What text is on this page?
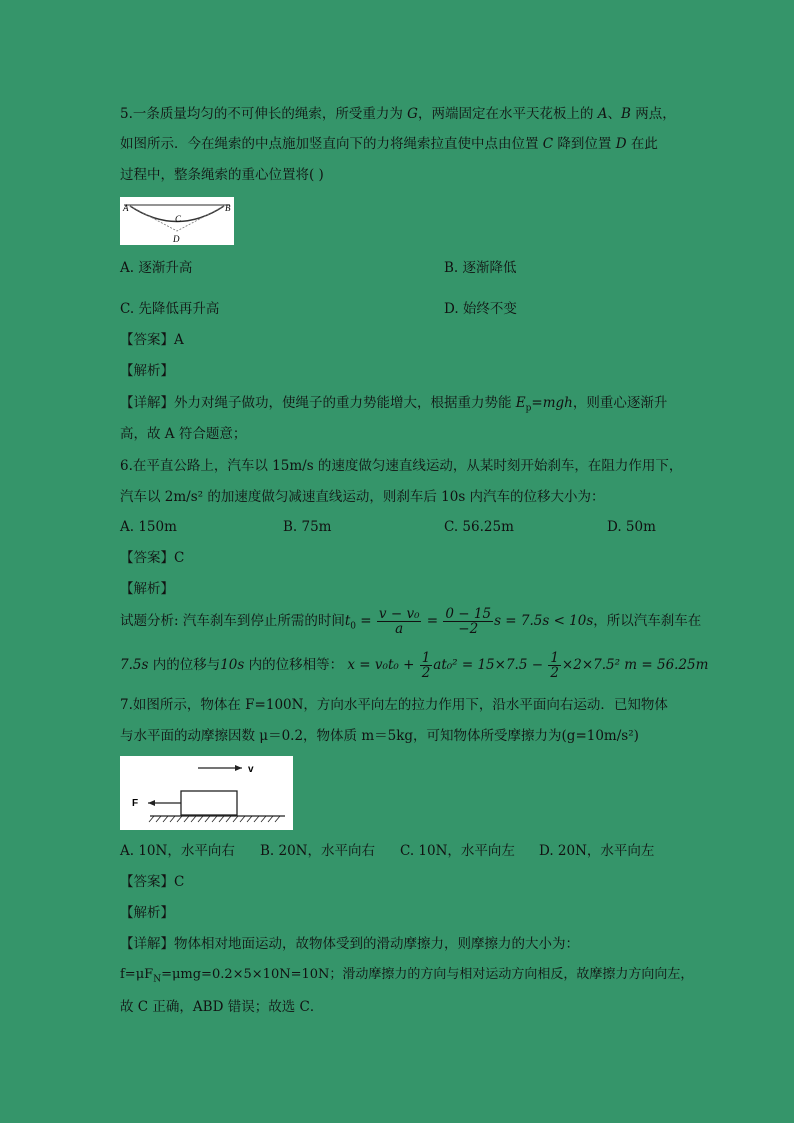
5.一条质量均匀的不可伸长的绳索，所受重力为 G，两端固定在水平天花板上的 A、B 两点，
如图所示．今在绳索的中点施加竖直向下的力将绳索拉直使中点由位置 C 降到位置 D 在此
过程中，整条绳索的重心位置将( )
A	B
C
D
A. 逐渐升高	B. 逐渐降低
C. 先降低再升高	D. 始终不变
【答案】A
【解析】
【详解】外力对绳子做功，使绳子的重力势能增大，根据重力势能 $E_p=mgh$，则重心逐渐升
高，故 A 符合题意；
6.在平直公路上，汽车以 15m/s 的速度做匀速直线运动，从某时刻开始刹车，在阻力作用下，
汽车以 2m/s² 的加速度做匀减速直线运动，则刹车后 10s 内汽车的位移大小为：
A. 150m	B. 75m	C. 56.25m	D. 50m
【答案】C
【解析】
试题分析: 汽车刹车到停止所需的时间$t_0 = \frac{\text{v − v₀}}{a} = \frac{0 - 15}{-2}$ s = 7.5s < 10s，所以汽车刹车在
7.5s 内的位移与10s 内的位移相等： $x = v_0t_0 + \frac{1}{2} at_0^2 = 15\times 7.5 - \frac{1}{2} \times 2\times 7.5^2$ m = 56.25m
7.如图所示，物体在 F=100N，方向水平向左的拉力作用下，沿水平面向右运动．已知物体
与水平面的动摩擦因数 μ＝0.2，物体质 m＝5kg，可知物体所受摩擦力为(g=10m/s²)
v
F
A. 10N，水平向右 B. 20N，水平向右 C. 10N，水平向左 D. 20N，水平向左
【答案】C
【解析】
【详解】物体相对地面运动，故物体受到的滑动摩擦力，则摩擦力的大小为：
$f=\mu F_N=\mu mg=0.2\times 5\times 10N=10N$；滑动摩擦力的方向与相对运动方向相反，故摩擦力方向向左，
故 C 正确，ABD 错误；故选 C．
